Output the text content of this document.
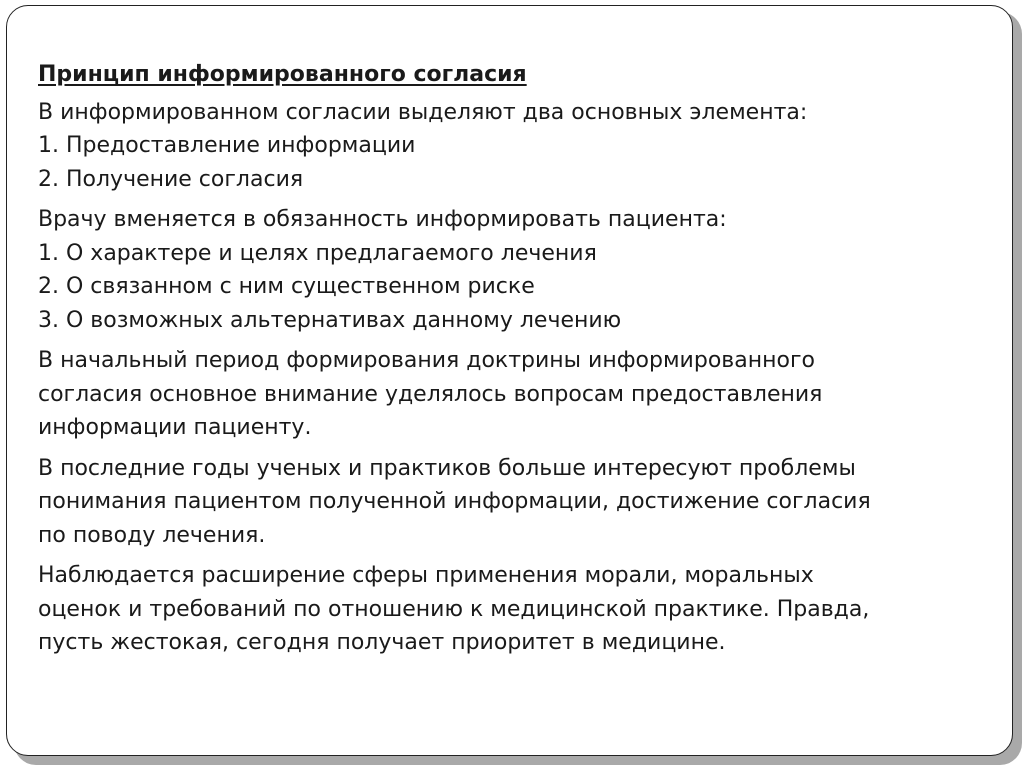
Принцип информированного согласия
В информированном согласии выделяют два основных элемента:
1. Предоставление информации
2. Получение согласия
Врачу вменяется в обязанность информировать пациента:
1. О характере и целях предлагаемого лечения
2. О связанном с ним существенном риске
3. О возможных альтернативах данному лечению
В начальный период формирования доктрины информированного
согласия основное внимание уделялось вопросам предоставления
информации пациенту.
В последние годы ученых и практиков больше интересуют проблемы
понимания пациентом полученной информации, достижение согласия
по поводу лечения.
Наблюдается расширение сферы применения морали, моральных
оценок и требований по отношению к медицинской практике. Правда,
пусть жестокая, сегодня получает приоритет в медицине.
